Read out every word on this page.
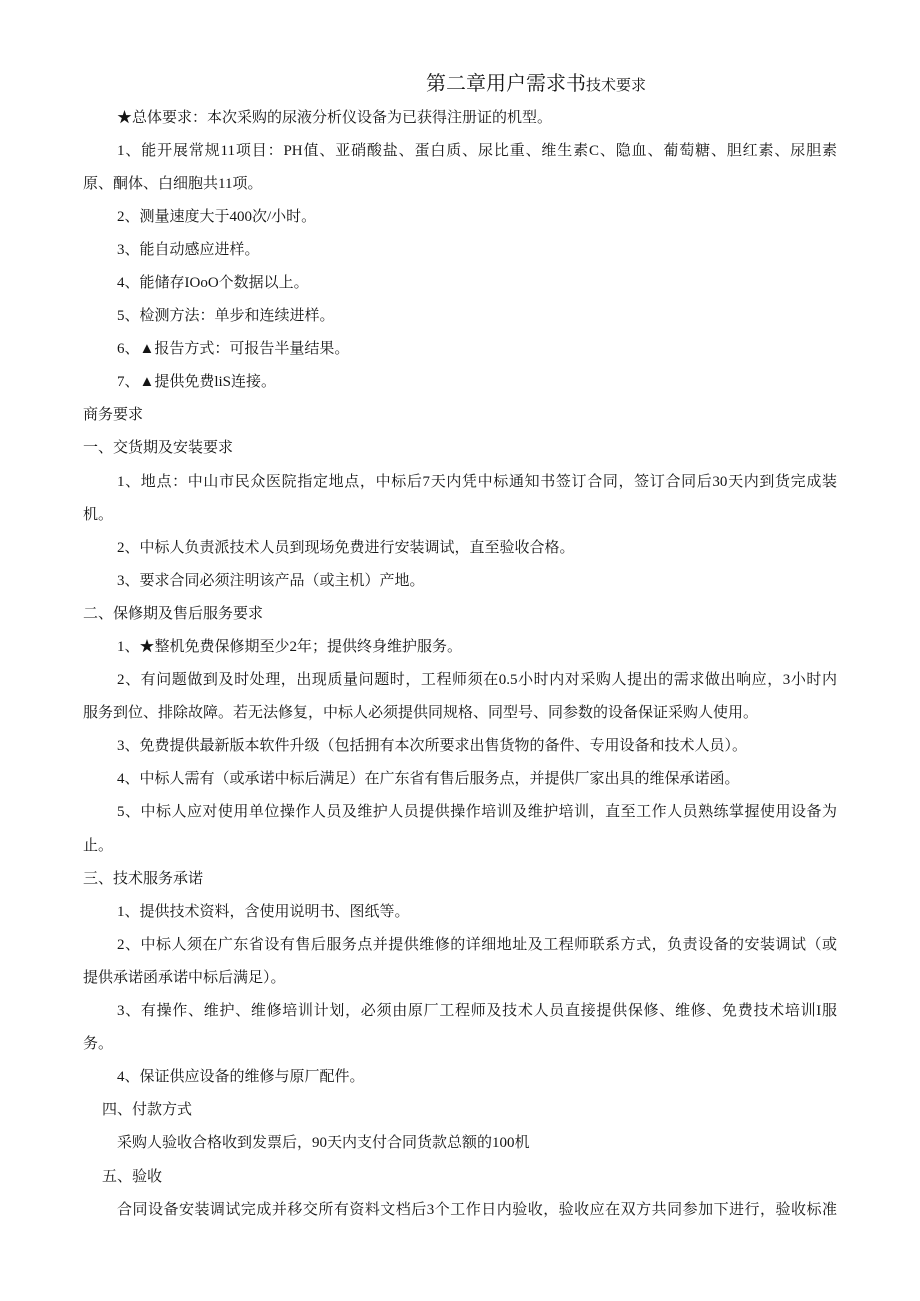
第二章用户需求书技术要求
★总体要求：本次采购的尿液分析仪设备为已获得注册证的机型。
1、能开展常规11项目：PH值、亚硝酸盐、蛋白质、尿比重、维生素C、隐血、葡萄糖、胆红素、尿胆素
原、酮体、白细胞共11项。
2、测量速度大于400次/小时。
3、能自动感应进样。
4、能储存IOoO个数据以上。
5、检测方法：单步和连续进样。
6、▲报告方式：可报告半量结果。
7、▲提供免费liS连接。
商务要求
一、交货期及安装要求
1、地点：中山市民众医院指定地点，中标后7天内凭中标通知书签订合同，签订合同后30天内到货完成装
机。
2、中标人负责派技术人员到现场免费进行安装调试，直至验收合格。
3、要求合同必须注明该产品（或主机）产地。
二、保修期及售后服务要求
1、★整机免费保修期至少2年；提供终身维护服务。
2、有问题做到及时处理，出现质量问题时，工程师须在0.5小时内对采购人提出的需求做出响应，3小时内
服务到位、排除故障。若无法修复，中标人必须提供同规格、同型号、同参数的设备保证采购人使用。
3、免费提供最新版本软件升级（包括拥有本次所要求出售货物的备件、专用设备和技术人员）。
4、中标人需有（或承诺中标后满足）在广东省有售后服务点，并提供厂家出具的维保承诺函。
5、中标人应对使用单位操作人员及维护人员提供操作培训及维护培训，直至工作人员熟练掌握使用设备为
止。
三、技术服务承诺
1、提供技术资料，含使用说明书、图纸等。
2、中标人须在广东省设有售后服务点并提供维修的详细地址及工程师联系方式，负责设备的安装调试（或
提供承诺函承诺中标后满足）。
3、有操作、维护、维修培训计划，必须由原厂工程师及技术人员直接提供保修、维修、免费技术培训I服
务。
4、保证供应设备的维修与原厂配件。
四、付款方式
采购人验收合格收到发票后，90天内支付合同货款总额的100机
五、验收
合同设备安装调试完成并移交所有资料文档后3个工作日内验收，验收应在双方共同参加下进行，验收标准
